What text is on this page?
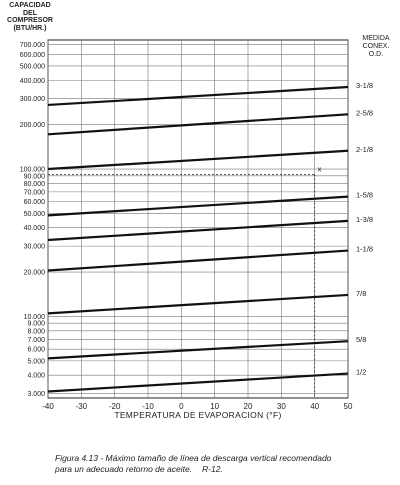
CAPACIDAD
DEL
COMPRESOR
(BTU/HR.)
MEDIDA
CONEX.
O.D.
700.000
600.000
500.000
400.000
300.000
200.000
100.000
90.000
80.000
70.000
60.000
50.000
40.000
30.000
20.000
10.000
9.000
8.000
7.000
6.000
5.000
4.000
3.000
-40	-30	-20	-10	0	10	20	30	40	50
3-1/8
2-5/8
2-1/8
1-5/8
1-3/8
1-1/8
7/8
5/8
1/2
x
TEMPERATURA DE EVAPORACION (°F)
Figura 4.13 - Máximo tamaño de línea de descarga vertical recomendado
para un adecuado retorno de aceite. R-12.
